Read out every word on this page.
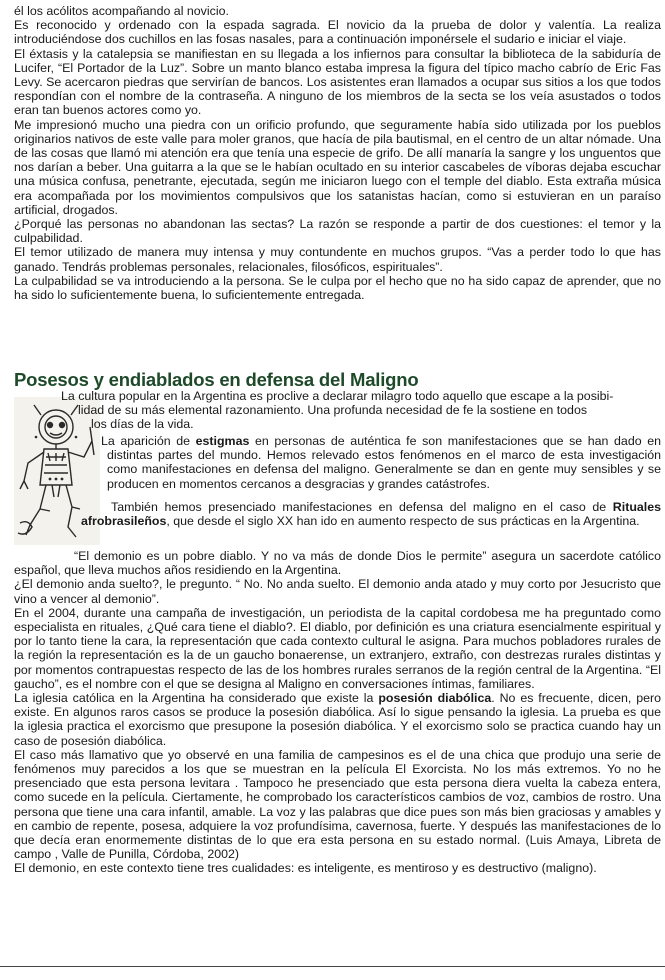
él los acólitos acompañando al novicio.

Es reconocido y ordenado con la espada sagrada. El novicio da la prueba de dolor y valentía. La realiza introduciéndose dos cuchillos en las fosas nasales, para a continuación imponérsele el sudario e iniciar el viaje.

El éxtasis y la catalepsia se manifiestan en su llegada a los infiernos para consultar la biblioteca de la sabiduría de Lucifer, “El Portador de la Luz”. Sobre un manto blanco estaba impresa la figura del típico macho cabrío de Eric Fas Levy. Se acercaron piedras que servirían de bancos. Los asistentes eran llamados a ocupar sus sitios a los que todos respondían con el nombre de la contraseña. A ninguno de los miembros de la secta se los veía asustados o todos eran tan buenos actores como yo.

Me impresionó mucho una piedra con un orificio profundo, que seguramente había sido utilizada por los pueblos originarios nativos de este valle para moler granos, que hacía de pila bautismal, en el centro de un altar nómade. Una de las cosas que llamó mi atención era que tenía una especie de grifo. De allí manaría la sangre y los unguentos que nos darían a beber. Una guitarra a la que se le habían ocultado en su interior cascabeles de víboras dejaba escuchar una música confusa, penetrante, ejecutada, según me iniciaron luego con el temple del diablo. Esta extraña música era acompañada por los movimientos compulsivos que los satanistas hacían, como si estuvieran en un paraíso artificial, drogados.

¿Porqué las personas no abandonan las sectas? La razón se responde a partir de dos cuestiones: el temor y la culpabilidad.

El temor utilizado de manera muy intensa y muy contundente en muchos grupos. “Vas a perder todo lo que has ganado. Tendrás problemas personales, relacionales, filosóficos, espirituales”.

La culpabilidad se va introduciendo a la persona. Se le culpa por el hecho que no ha sido capaz de aprender, que no ha sido lo suficientemente buena, lo suficientemente entregada.

Posesos y endiablados en defensa del Maligno

La cultura popular en la Argentina es proclive a declarar milagro todo aquello que escape a la posibi-

lidad de su más elemental razonamiento. Una profunda necesidad de fe la sostiene en todos

los días de la vida.

La aparición de estigmas en personas de auténtica fe son manifestaciones que se han dado en distintas partes del mundo. Hemos relevado estos fenómenos en el marco de esta investigación como manifestaciones en defensa del maligno. Generalmente se dan en gente muy sensibles y se producen en momentos cercanos a desgracias y grandes catástrofes.

También hemos presenciado manifestaciones en defensa del maligno en el caso de Rituales afrobrasileños, que desde el siglo XX han ido en aumento respecto de sus prácticas en la Argentina.

“El demonio es un pobre diablo. Y no va más de donde Dios le permite” asegura un sacerdote católico español, que lleva muchos años residiendo en la Argentina.

¿El demonio anda suelto?, le pregunto. “ No. No anda suelto. El demonio anda atado y muy corto por Jesucristo que vino a vencer al demonio”.

En el 2004, durante una campaña de investigación, un periodista de la capital cordobesa me ha preguntado como especialista en rituales, ¿Qué cara tiene el diablo?. El diablo, por definición es una criatura esencialmente espiritual y por lo tanto tiene la cara, la representación que cada contexto cultural le asigna. Para muchos pobladores rurales de la región la representación es la de un gaucho bonaerense, un extranjero, extraño, con destrezas rurales distintas y por momentos contrapuestas respecto de las de los hombres rurales serranos de la región central de la Argentina. “El gaucho”, es el nombre con el que se designa al Maligno en conversaciones íntimas, familiares.

La iglesia católica en la Argentina ha considerado que existe la posesión diabólica. No es frecuente, dicen, pero existe. En algunos raros casos se produce la posesión diabólica. Así lo sigue pensando la iglesia. La prueba es que la iglesia practica el exorcismo que presupone la posesión diabólica. Y el exorcismo solo se practica cuando hay un caso de posesión diabólica.

El caso más llamativo que yo observé en una familia de campesinos es el de una chica que produjo una serie de fenómenos muy parecidos a los que se muestran en la película El Exorcista. No los más extremos. Yo no he presenciado que esta persona levitara . Tampoco he presenciado que esta persona diera vuelta la cabeza entera, como sucede en la película. Ciertamente, he comprobado los característicos cambios de voz, cambios de rostro. Una persona que tiene una cara infantil, amable. La voz y las palabras que dice pues son más bien graciosas y amables y en cambio de repente, posesa, adquiere la voz profundísima, cavernosa, fuerte. Y después las manifestaciones de lo que decía eran enormemente distintas de lo que era esta persona en su estado normal. (Luis Amaya, Libreta de campo , Valle de Punilla, Córdoba, 2002)

El demonio, en este contexto tiene tres cualidades: es inteligente, es mentiroso y es destructivo (maligno).
